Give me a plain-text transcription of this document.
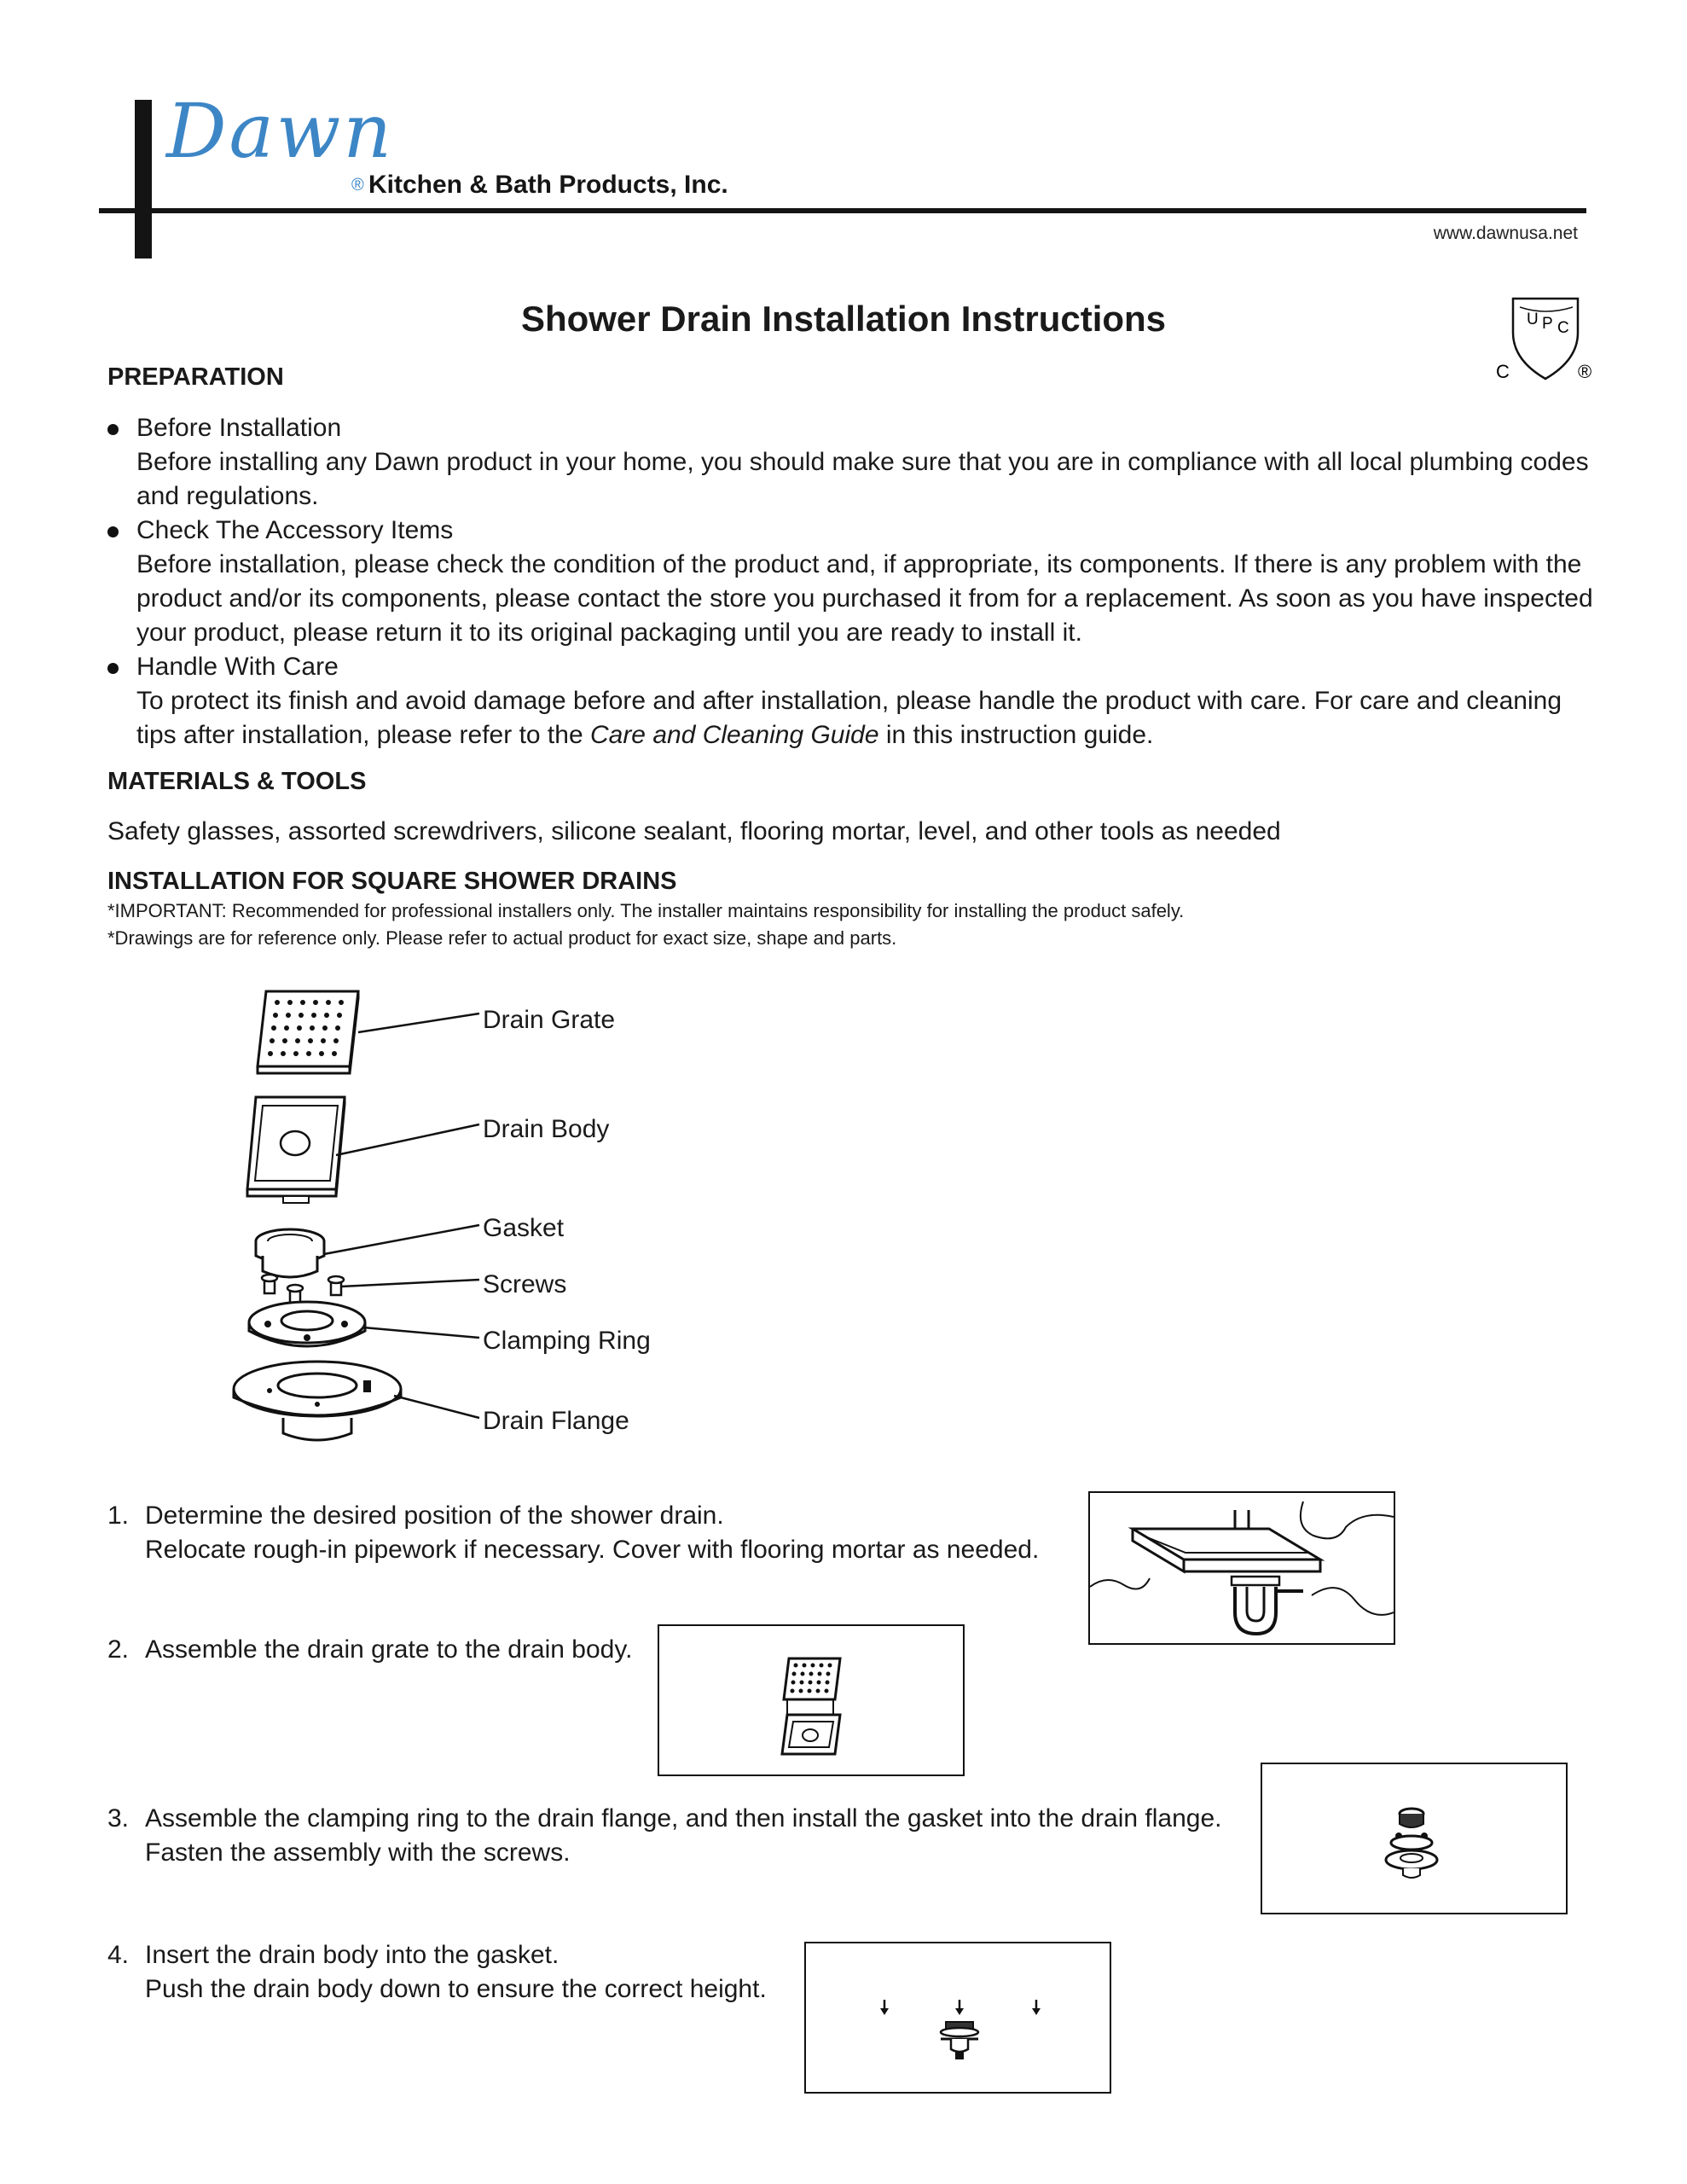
Dawn
® Kitchen & Bath Products, Inc.
www.dawnusa.net
Shower Drain Installation Instructions	U P C
C	®
PREPARATION
Before Installation
Before installing any Dawn product in your home, you should make sure that you are in compliance with all local plumbing codes and regulations.
Check The Accessory Items
Before installation, please check the condition of the product and, if appropriate, its components. If there is any problem with the product and/or its components, please contact the store you purchased it from for a replacement. As soon as you have inspected your product, please return it to its original packaging until you are ready to install it.
Handle With Care
To protect its finish and avoid damage before and after installation, please handle the product with care. For care and cleaning tips after installation, please refer to the Care and Cleaning Guide in this instruction guide.
MATERIALS & TOOLS
Safety glasses, assorted screwdrivers, silicone sealant, flooring mortar, level, and other tools as needed
INSTALLATION FOR SQUARE SHOWER DRAINS
*IMPORTANT: Recommended for professional installers only. The installer maintains responsibility for installing the product safely.
*Drawings are for reference only. Please refer to actual product for exact size, shape and parts.
Drain Grate
Drain Body
Gasket
Screws
Clamping Ring
Drain Flange
1. Determine the desired position of the shower drain.
Relocate rough-in pipework if necessary. Cover with flooring mortar as needed.
2. Assemble the drain grate to the drain body.
3. Assemble the clamping ring to the drain flange, and then install the gasket into the drain flange.
Fasten the assembly with the screws.
4. Insert the drain body into the gasket.
Push the drain body down to ensure the correct height.
